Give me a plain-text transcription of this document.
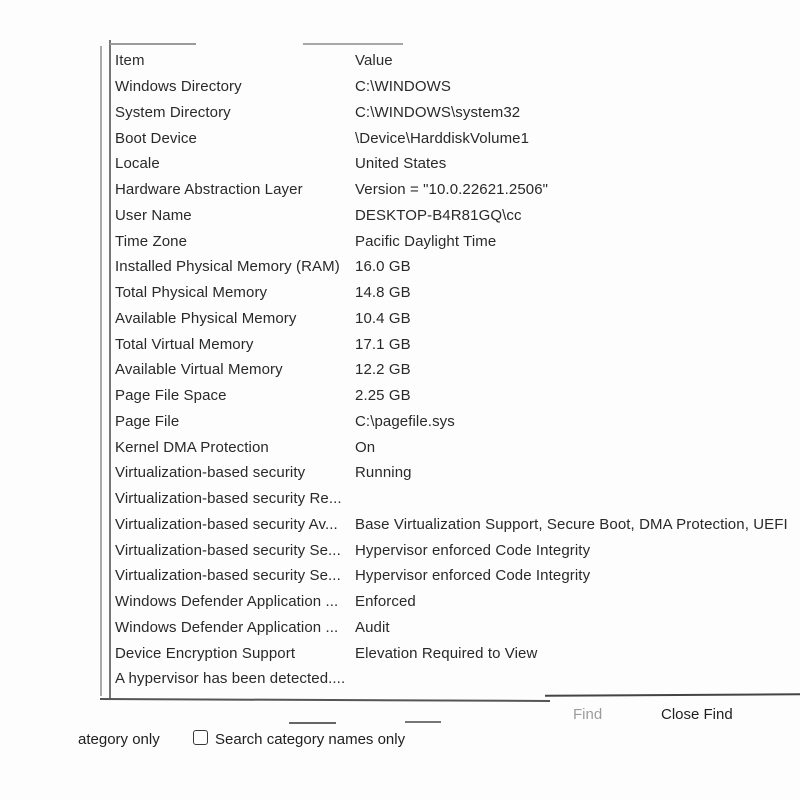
Item	Value
Windows Directory	C:\WINDOWS
System Directory	C:\WINDOWS\system32
Boot Device	\Device\HarddiskVolume1
Locale	United States
Hardware Abstraction Layer	Version = "10.0.22621.2506"
User Name	DESKTOP-B4R81GQ\cc
Time Zone	Pacific Daylight Time
Installed Physical Memory (RAM)	16.0 GB
Total Physical Memory	14.8 GB
Available Physical Memory	10.4 GB
Total Virtual Memory	17.1 GB
Available Virtual Memory	12.2 GB
Page File Space	2.25 GB
Page File	C:\pagefile.sys
Kernel DMA Protection	On
Virtualization-based security	Running
Virtualization-based security Re...
Virtualization-based security Av...	Base Virtualization Support, Secure Boot, DMA Protection, UEFI
Virtualization-based security Se... Hypervisor enforced Code Integrity
Virtualization-based security Se... Hypervisor enforced Code Integrity
Windows Defender Application ...	Enforced
Windows Defender Application ...	Audit
Device Encryption Support	Elevation Required to View
A hypervisor has been detected....
Find	Close Find
ategory only	Search category names only
